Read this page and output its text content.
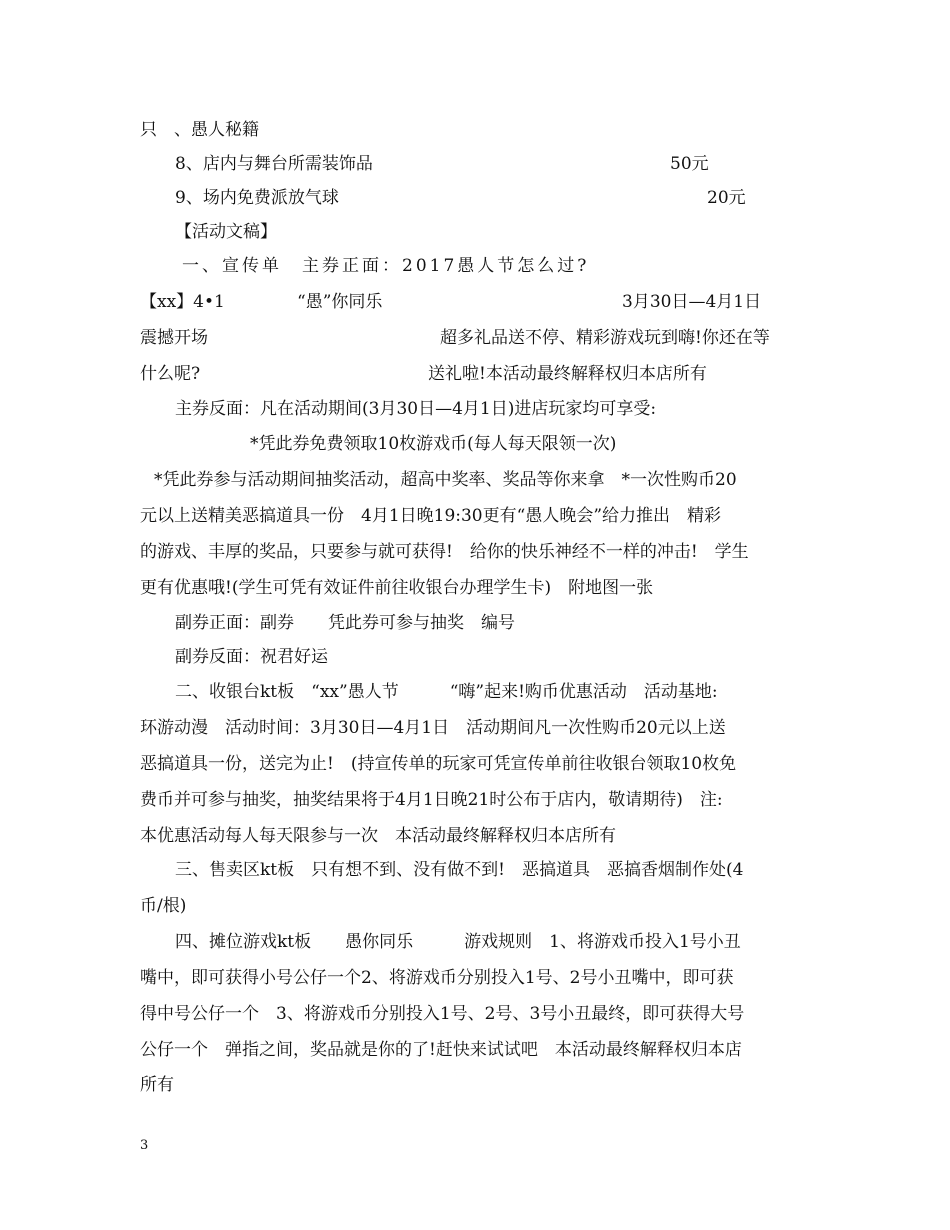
只　、愚人秘籍
8、店内与舞台所需装饰品	50元
9、场内免费派放气球	20元
【活动文稿】
一、宣传单　主券正面：2017愚人节怎么过?
【xx】4•1	“愚”你同乐	3月30日—4月1日
震撼开场	超多礼品送不停、精彩游戏玩到嗨!你还在等
什么呢?	送礼啦!本活动最终解释权归本店所有
主券反面：凡在活动期间(3月30日—4月1日)进店玩家均可享受:
*凭此券免费领取10枚游戏币(每人每天限领一次)
*凭此券参与活动期间抽奖活动，超高中奖率、奖品等你来拿　*一次性购币20
元以上送精美恶搞道具一份　4月1日晚19:30更有“愚人晚会”给力推出　精彩
的游戏、丰厚的奖品，只要参与就可获得!　给你的快乐神经不一样的冲击!　学生
更有优惠哦!(学生可凭有效证件前往收银台办理学生卡)　附地图一张
副券正面：副券　　凭此券可参与抽奖　编号
副券反面：祝君好运
二、收银台kt板　“xx”愚人节　　　“嗨”起来!购币优惠活动　活动基地:
环游动漫　活动时间：3月30日—4月1日　活动期间凡一次性购币20元以上送
恶搞道具一份，送完为止!　(持宣传单的玩家可凭宣传单前往收银台领取10枚免
费币并可参与抽奖，抽奖结果将于4月1日晚21时公布于店内，敬请期待)　注:
本优惠活动每人每天限参与一次　本活动最终解释权归本店所有
三、售卖区kt板　只有想不到、没有做不到!　恶搞道具　恶搞香烟制作处(4
币/根)
四、摊位游戏kt板　　愚你同乐　　　游戏规则　1、将游戏币投入1号小丑
嘴中，即可获得小号公仔一个2、将游戏币分别投入1号、2号小丑嘴中，即可获
得中号公仔一个　3、将游戏币分别投入1号、2号、3号小丑最终，即可获得大号
公仔一个　弹指之间，奖品就是你的了!赶快来试试吧　本活动最终解释权归本店
所有
3
